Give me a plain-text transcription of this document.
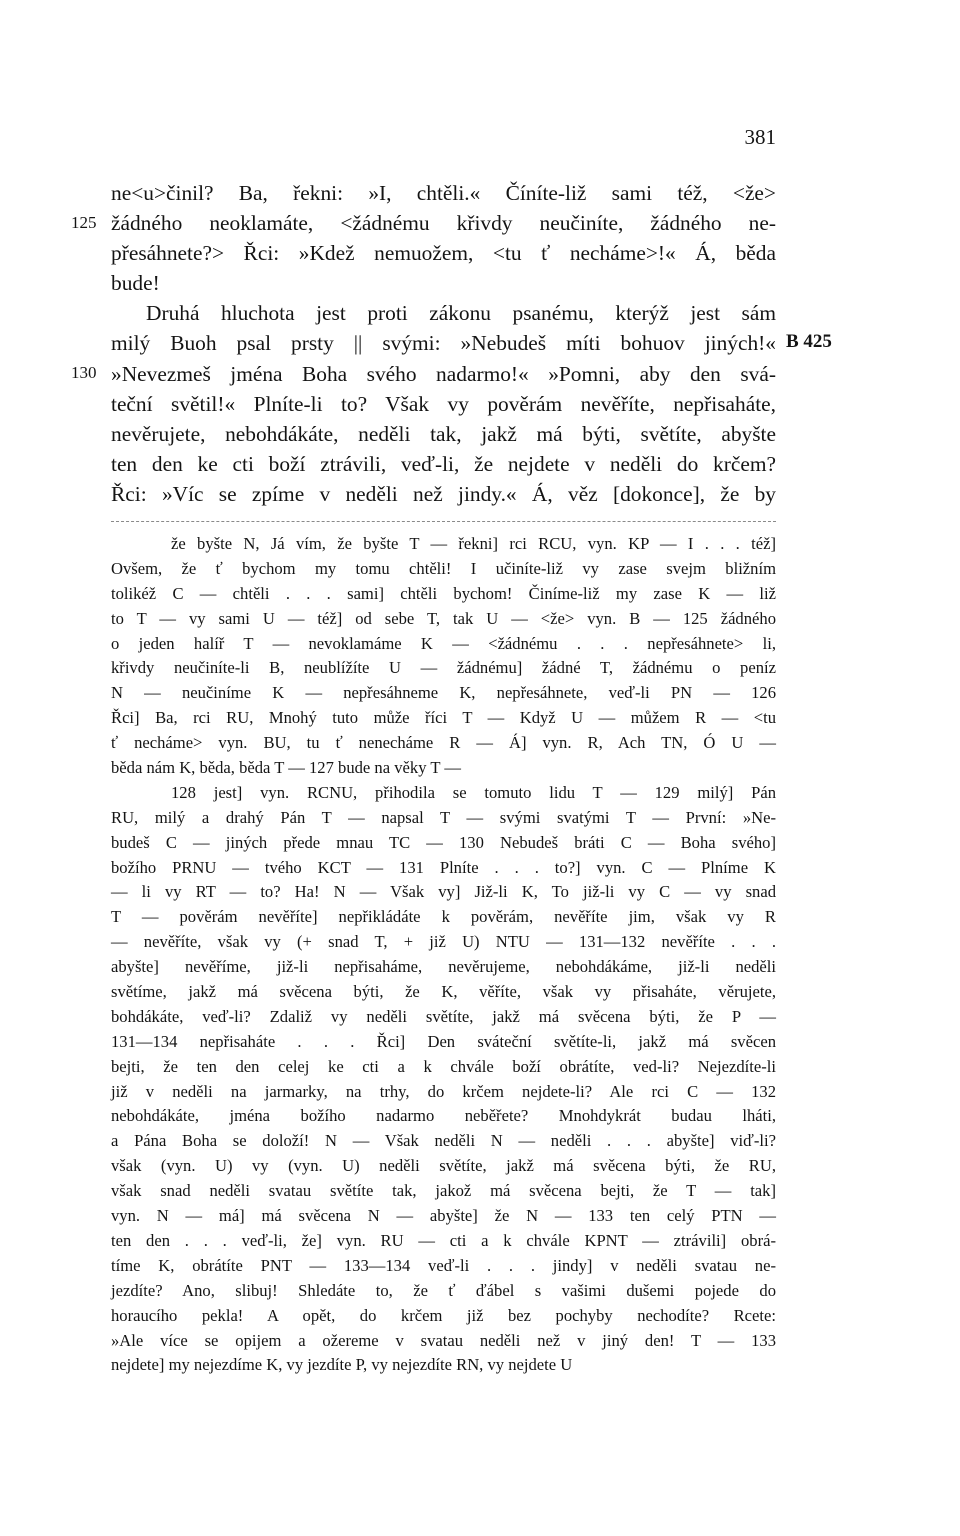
381
125
130
B 425
ne<u>činil? Ba, řekni: »I, chtěli.« Číníte-liž sami též, <že>
žádného neoklamáte, <žádnému křivdy neučiníte, žádného ne-
přesáhnete?> Řci: »Kdež nemuožem, <tu ť necháme>!« Á, běda
bude!
Druhá hluchota jest proti zákonu psanému, kterýž jest sám
milý Buoh psal prsty || svými: »Nebudeš míti bohuov jiných!«
»Nevezmeš jména Boha svého nadarmo!« »Pomni, aby den svá-
teční světil!« Plníte-li to? Však vy pověrám nevěříte, nepřisaháte,
nevěrujete, nebohdákáte, neděli tak, jakž má býti, světíte, abyšte
ten den ke cti boží ztrávili, veď-li, že nejdete v neděli do krčem?
Řci: »Víc se zpíme v neděli než jindy.« Á, věz [dokonce], že by
že byšte N, Já vím, že byšte T — řekni] rci RCU, vyn. KP — I . . . též]
Ovšem, že ť bychom my tomu chtěli! I učiníte-liž vy zase svejm bližním
tolikéž C — chtěli . . . sami] chtěli bychom! Činíme-liž my zase K — liž
to T — vy sami U — též] od sebe T, tak U — <že> vyn. B — 125 žádného
o jeden halíř T — nevoklamáme K — <žádnému . . . nepřesáhnete> li,
křivdy neučiníte-li B, neublížíte U — žádnému] žádné T, žádnému o peníz
N — neučiníme K — nepřesáhneme K, nepřesáhnete, veď-li PN — 126
Řci] Ba, rci RU, Mnohý tuto může říci T — Když U — můžem R — <tu
ť necháme> vyn. BU, tu ť nenecháme R — Á] vyn. R, Ach TN, Ó U —
běda nám K, běda, běda T — 127 bude na věky T —
128 jest] vyn. RCNU, přihodila se tomuto lidu T — 129 milý] Pán
RU, milý a drahý Pán T — napsal T — svými svatými T — První: »Ne-
budeš C — jiných přede mnau TC — 130 Nebudeš bráti C — Boha svého]
božího PRNU — tvého KCT — 131 Plníte . . . to?] vyn. C — Plníme K
— li vy RT — to? Ha! N — Však vy] Již-li K, To již-li vy C — vy snad
T — pověrám nevěříte] nepřikládáte k pověrám, nevěříte jim, však vy R
— nevěříte, však vy (+ snad T, + již U) NTU — 131—132 nevěříte . . .
abyšte] nevěříme, již-li nepřisaháme, nevěrujeme, nebohdákáme, již-li neděli
světíme, jakž má svěcena býti, že K, věříte, však vy přisaháte, věrujete,
bohdákáte, veď-li? Zdaliž vy neděli světíte, jakž má svěcena býti, že P —
131—134 nepřisaháte . . . Řci] Den sváteční světíte-li, jakž má svěcen
bejti, že ten den celej ke cti a k chvále boží obrátíte, ved-li? Nejezdíte-li
již v neděli na jarmarky, na trhy, do krčem nejdete-li? Ale rci C — 132
nebohdákáte, jména božího nadarmo neběřete? Mnohdykrát budau lháti,
a Pána Boha se doloží! N — Však neděli N — neděli . . . abyšte] viď-li?
však (vyn. U) vy (vyn. U) neděli světíte, jakž má svěcena býti, že RU,
však snad neděli svatau světíte tak, jakož má svěcena bejti, že T — tak]
vyn. N — má] má svěcena N — abyšte] že N — 133 ten celý PTN —
ten den . . . veď-li, že] vyn. RU — cti a k chvále KPNT — ztrávili] obrá-
tíme K, obrátíte PNT — 133—134 veď-li . . . jindy] v neděli svatau ne-
jezdíte? Ano, slibuj! Shledáte to, že ť ďábel s vašimi dušemi pojede do
horaucího pekla! A opět, do krčem již bez pochyby nechodíte? Rcete:
»Ale více se opijem a ožereme v svatau neděli než v jiný den! T — 133
nejdete] my nejezdíme K, vy jezdíte P, vy nejezdíte RN, vy nejdete U
